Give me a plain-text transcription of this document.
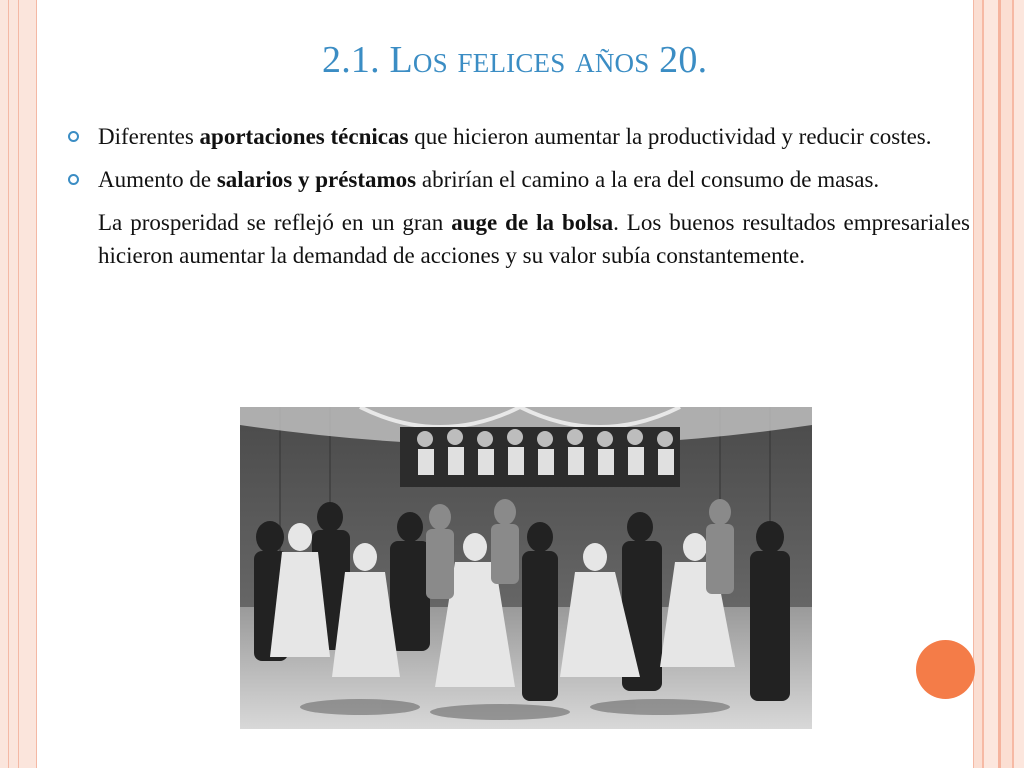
2.1. Los felices años 20.

Diferentes aportaciones técnicas que hicieron aumentar la productividad y reducir costes.

Aumento de salarios y préstamos abrirían el camino a la era del consumo de masas.

La prosperidad se reflejó en un gran auge de la bolsa. Los buenos resultados empresariales hicieron aumentar la demandad de acciones y su valor subía constantemente.
